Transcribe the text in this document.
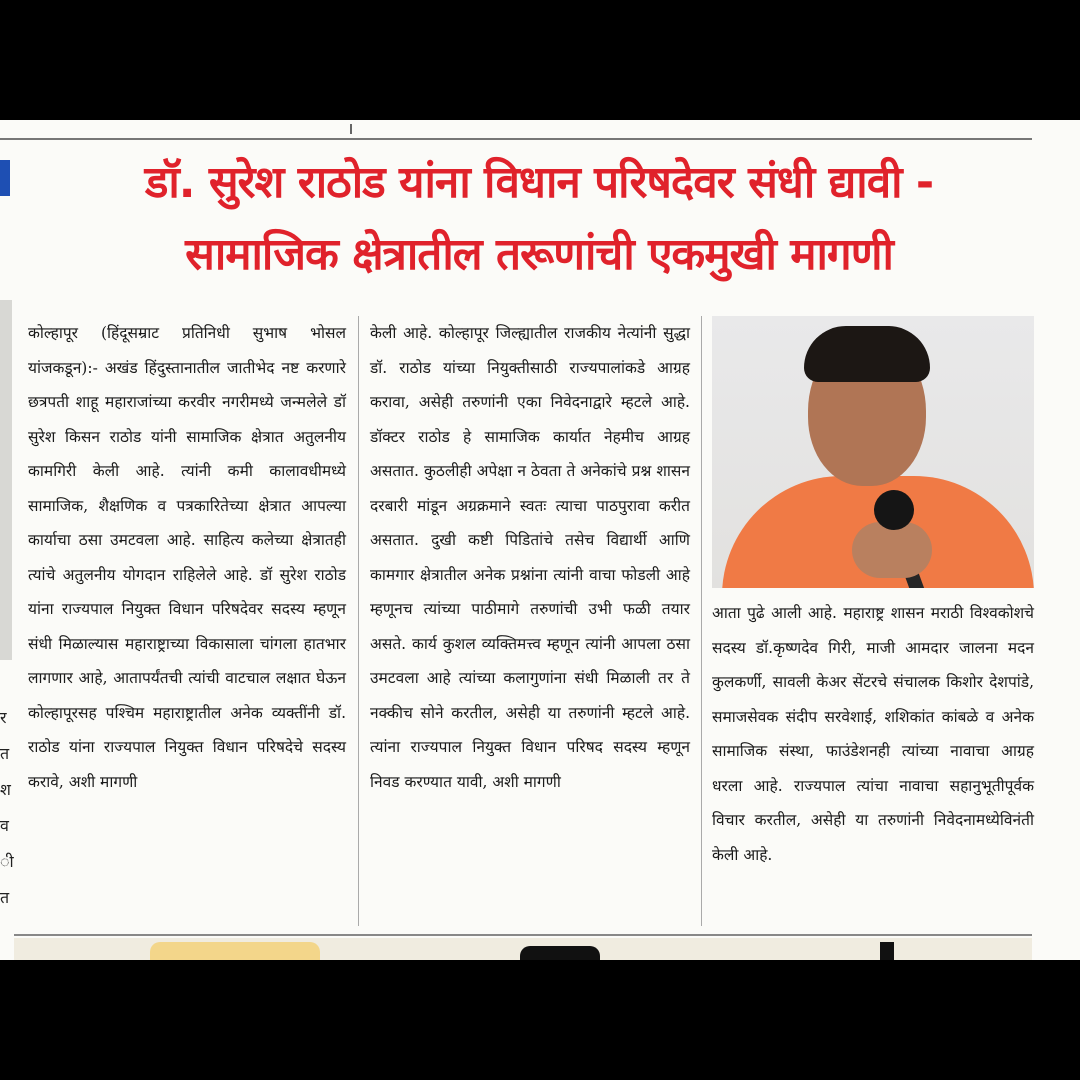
डॉ. सुरेश राठोड यांना विधान परिषदेवर संधी द्यावी -
सामाजिक क्षेत्रातील तरूणांची एकमुखी मागणी
र
त
श
व
ी
त

कोल्हापूर (हिंदूसम्राट प्रतिनिधी सुभाष भोसल यांजकडून):- अखंड हिंदुस्तानातील जातीभेद नष्ट करणारे छत्रपती शाहू महाराजांच्या करवीर नगरीमध्ये जन्मलेले डॉ सुरेश किसन राठोड यांनी सामाजिक क्षेत्रात अतुलनीय कामगिरी केली आहे. त्यांनी कमी कालावधीमध्ये सामाजिक, शैक्षणिक व पत्रकारितेच्या क्षेत्रात आपल्या कार्याचा ठसा उमटवला आहे. साहित्य कलेच्या क्षेत्रातही त्यांचे अतुलनीय योगदान राहिलेले आहे. डॉ सुरेश राठोड यांना राज्यपाल नियुक्त विधान परिषदेवर सदस्य म्हणून संधी मिळाल्यास महाराष्ट्राच्या विकासाला चांगला हातभार लागणार आहे, आतापर्यंतची त्यांची वाटचाल लक्षात घेऊन कोल्हापूरसह पश्चिम महाराष्ट्रातील अनेक व्यक्तींनी डॉ. राठोड यांना राज्यपाल नियुक्त विधान परिषदेचे सदस्य करावे, अशी मागणी

केली आहे. कोल्हापूर जिल्ह्यातील राजकीय नेत्यांनी सुद्धा डॉ. राठोड यांच्या नियुक्तीसाठी राज्यपालांकडे आग्रह करावा, असेही तरुणांनी एका निवेदनाद्वारे म्हटले आहे. डॉक्टर राठोड हे सामाजिक कार्यात नेहमीच आग्रह असतात. कुठलीही अपेक्षा न ठेवता ते अनेकांचे प्रश्न शासन दरबारी मांडून अग्रक्रमाने स्वतः त्याचा पाठपुरावा करीत असतात. दुखी कष्टी पिडितांचे तसेच विद्यार्थी आणि कामगार क्षेत्रातील अनेक प्रश्नांना त्यांनी वाचा फोडली आहे म्हणूनच त्यांच्या पाठीमागे तरुणांची उभी फळी तयार असते. कार्य कुशल व्यक्तिमत्त्व म्हणून त्यांनी आपला ठसा उमटवला आहे त्यांच्या कलागुणांना संधी मिळाली तर ते नक्कीच सोने करतील, असेही या तरुणांनी म्हटले आहे. त्यांना राज्यपाल नियुक्त विधान परिषद सदस्य म्हणून निवड करण्यात यावी, अशी मागणी

आता पुढे आली आहे. महाराष्ट्र शासन मराठी विश्वकोशचे सदस्य डॉ.कृष्णदेव गिरी, माजी आमदार जालना मदन कुलकर्णी, सावली केअर सेंटरचे संचालक किशोर देशपांडे, समाजसेवक संदीप सरवेशाई, शशिकांत कांबळे व अनेक सामाजिक संस्था, फाउंडेशनही त्यांच्या नावाचा आग्रह धरला आहे. राज्यपाल त्यांचा नावाचा सहानुभूतीपूर्वक विचार करतील, असेही या तरुणांनी निवेदनामध्येविनंती केली आहे.
